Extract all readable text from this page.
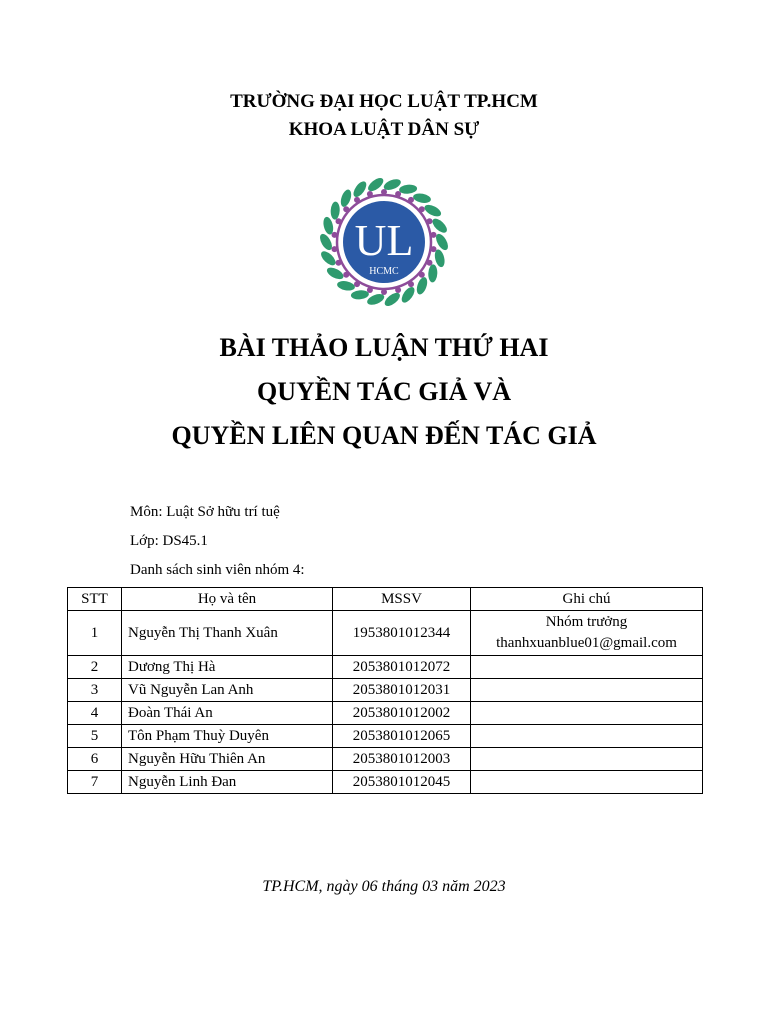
TRƯỜNG ĐẠI HỌC LUẬT TP.HCM
KHOA LUẬT DÂN SỰ
UL
HCMC
BÀI THẢO LUẬN THỨ HAI
QUYỀN TÁC GIẢ VÀ
QUYỀN LIÊN QUAN ĐẾN TÁC GIẢ
Môn: Luật Sở hữu trí tuệ
Lớp: DS45.1
Danh sách sinh viên nhóm 4:
STT	Họ và tên	MSSV	Ghi chú
1	Nguyễn Thị Thanh Xuân	1953801012344	Nhóm trưởng
thanhxuanblue01@gmail.com

2	Dương Thị Hà	2053801012072	
3	Vũ Nguyễn Lan Anh	2053801012031	
4	Đoàn Thái An	2053801012002	
5	Tôn Phạm Thuỳ Duyên	2053801012065	
6	Nguyễn Hữu Thiên An	2053801012003	
7	Nguyễn Linh Đan	2053801012045	
TP.HCM, ngày 06 tháng 03 năm 2023
